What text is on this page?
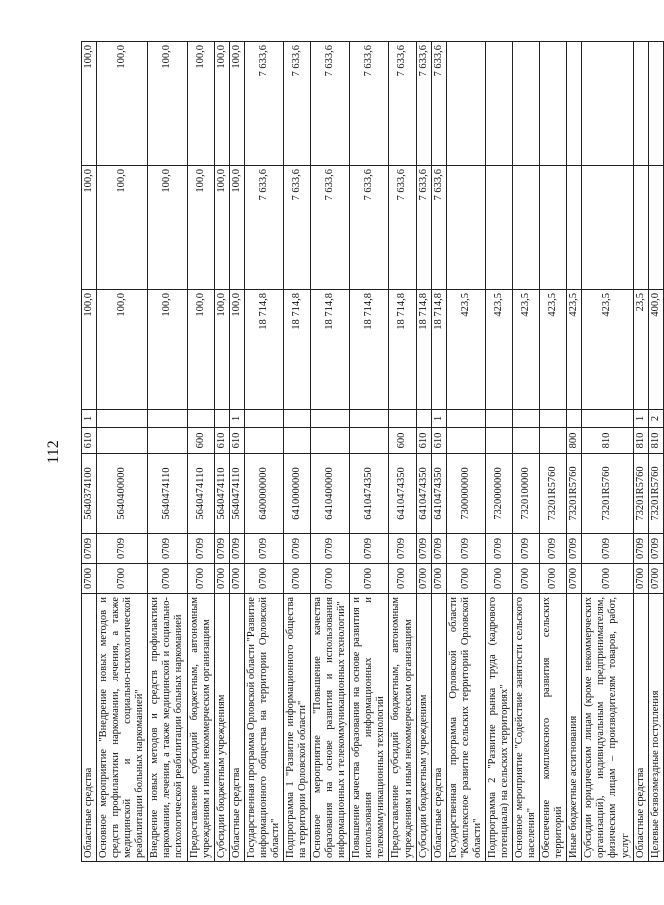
112
Областные средства	0700	0709	5640374100	610	1	100,0	100,0	100,0
Основное мероприятие "Внедрение новых методов и средств профилактики наркомании, лечения, а также медицинской и социально-психологической реабилитации больных наркоманией"	0700	0709	5640400000			100,0	100,0	100,0
Внедрение новых методов и средств профилактики наркомании, лечения, а также медицинской и социально-психологической реабилитации больных наркоманией	0700	0709	5640474110			100,0	100,0	100,0
Предоставление субсидий бюджетным, автономным учреждениям и иным некоммерческим организациям	0700	0709	5640474110	600		100,0	100,0	100,0
Субсидии бюджетным учреждениям	0700	0709	5640474110	610		100,0	100,0	100,0
Областные средства	0700	0709	5640474110	610	1	100,0	100,0	100,0
Государственная программа Орловской области "Развитие информационного общества на территории Орловской области"	0700	0709	6400000000			18 714,8	7 633,6	7 633,6
Подпрограмма 1 "Развитие информационного общества на территории Орловской области"	0700	0709	6410000000			18 714,8	7 633,6	7 633,6
Основное мероприятие "Повышение качества образования на основе развития и использования информационных и телекоммуникационных технологий"	0700	0709	6410400000			18 714,8	7 633,6	7 633,6
Повышение качества образования на основе развития и использования информационных и телекоммуникационных технологий	0700	0709	6410474350			18 714,8	7 633,6	7 633,6
Предоставление субсидий бюджетным, автономным учреждениям и иным некоммерческим организациям	0700	0709	6410474350	600		18 714,8	7 633,6	7 633,6
Субсидии бюджетным учреждениям	0700	0709	6410474350	610		18 714,8	7 633,6	7 633,6
Областные средства	0700	0709	6410474350	610	1	18 714,8	7 633,6	7 633,6
Государственная программа Орловской области "Комплексное развитие сельских территорий Орловской области"	0700	0709	7300000000			423,5		
Подпрограмма 2 "Развитие рынка труда (кадрового потенциала) на сельских территориях"	0700	0709	7320000000			423,5		
Основное мероприятие "Содействие занятости сельского населения"	0700	0709	7320100000			423,5		
Обеспечение комплексного развития сельских территорий	0700	0709	73201R5760			423,5		
Иные бюджетные ассигнования	0700	0709	73201R5760	800		423,5		
Субсидии юридическим лицам (кроме некоммерческих организаций), индивидуальным предпринимателям, физическим лицам – производителям товаров, работ, услуг	0700	0709	73201R5760	810		423,5		
Областные средства	0700	0709	73201R5760	810	1	23,5		
Целевые безвозмездные поступления	0700	0709	73201R5760	810	2	400,0		
